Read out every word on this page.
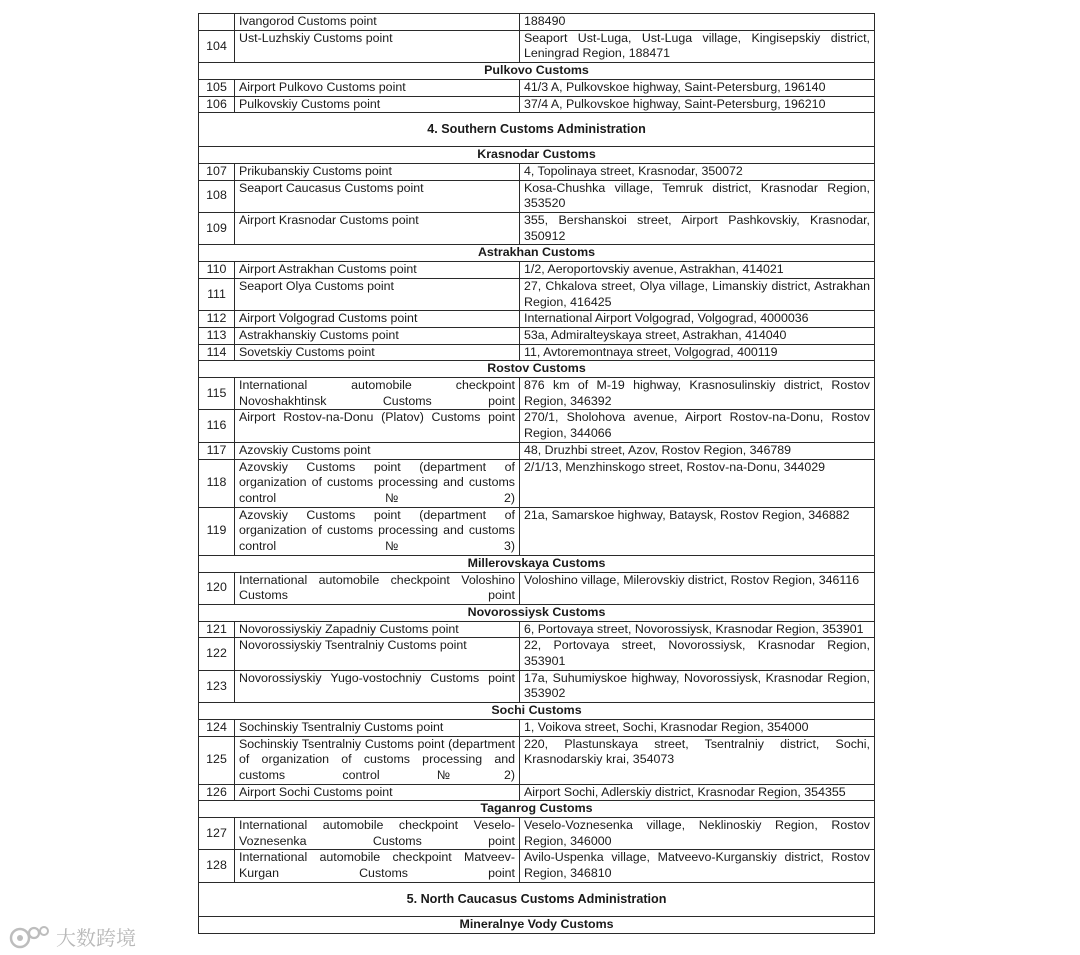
	Ivangorod Customs point	188490
104	Ust-Luzhskiy Customs point	Seaport Ust-Luga, Ust-Luga village, Kingisepskiy district, Leningrad Region, 188471
Pulkovo Customs		
105	Airport Pulkovo Customs point	41/3 A, Pulkovskoe highway, Saint-Petersburg, 196140
106	Pulkovskiy Customs point	37/4 A, Pulkovskoe highway, Saint-Petersburg, 196210
4. Southern Customs Administration		
Krasnodar Customs		
107	Prikubanskiy Customs point	4, Topolinaya street, Krasnodar, 350072
108	Seaport Caucasus Customs point	Kosa-Chushka village, Temruk district, Krasnodar Region, 353520
109	Airport Krasnodar Customs point	355, Bershanskoi street, Airport Pashkovskiy, Krasnodar, 350912
Astrakhan Customs		
110	Airport Astrakhan Customs point	1/2, Aeroportovskiy avenue, Astrakhan, 414021
111	Seaport Olya Customs point	27, Chkalova street, Olya village, Limanskiy district, Astrakhan Region, 416425
112	Airport Volgograd Customs point	International Airport Volgograd, Volgograd, 4000036
113	Astrakhanskiy Customs point	53a, Admiralteyskaya street, Astrakhan, 414040
114	Sovetskiy Customs point	11, Avtoremontnaya street, Volgograd, 400119
Rostov Customs		
115	International automobile checkpoint Novoshakhtinsk Customs point	876 km of M-19 highway, Krasnosulinskiy district, Rostov Region, 346392
116	Airport Rostov-na-Donu (Platov) Customs point	270/1, Sholohova avenue, Airport Rostov-na-Donu, Rostov Region, 344066
117	Azovskiy Customs point	48, Druzhbi street, Azov, Rostov Region, 346789
118	Azovskiy Customs point (department of organization of customs processing and customs control №2)	2/1/13, Menzhinskogo street, Rostov-na-Donu, 344029
119	Azovskiy Customs point (department of organization of customs processing and customs control №3)	21a, Samarskoe highway, Bataysk, Rostov Region, 346882
Millerovskaya Customs		
120	International automobile checkpoint Voloshino Customs point	Voloshino village, Milerovskiy district, Rostov Region, 346116
Novorossiysk Customs		
121	Novorossiyskiy Zapadniy Customs point	6, Portovaya street, Novorossiysk, Krasnodar Region, 353901
122	Novorossiyskiy Tsentralniy Customs point	22, Portovaya street, Novorossiysk, Krasnodar Region, 353901
123	Novorossiyskiy Yugo-vostochniy Customs point	17a, Suhumiyskoe highway, Novorossiysk, Krasnodar Region, 353902
Sochi Customs		
124	Sochinskiy Tsentralniy Customs point	1, Voikova street, Sochi, Krasnodar Region, 354000
125	Sochinskiy Tsentralniy Customs point (department of organization of customs processing and customs control №2)	220, Plastunskaya street, Tsentralniy district, Sochi, Krasnodarskiy krai, 354073
126	Airport Sochi Customs point	Airport Sochi, Adlerskiy district, Krasnodar Region, 354355
Taganrog Customs		
127	International automobile checkpoint Veselo-Voznesenka Customs point	Veselo-Voznesenka village, Neklinoskiy Region, Rostov Region, 346000
128	International automobile checkpoint Matveev-Kurgan Customs point	Avilo-Uspenka village, Matveevo-Kurganskiy district, Rostov Region, 346810
5. North Caucasus Customs Administration		
Mineralnye Vody Customs		
大数跨境
